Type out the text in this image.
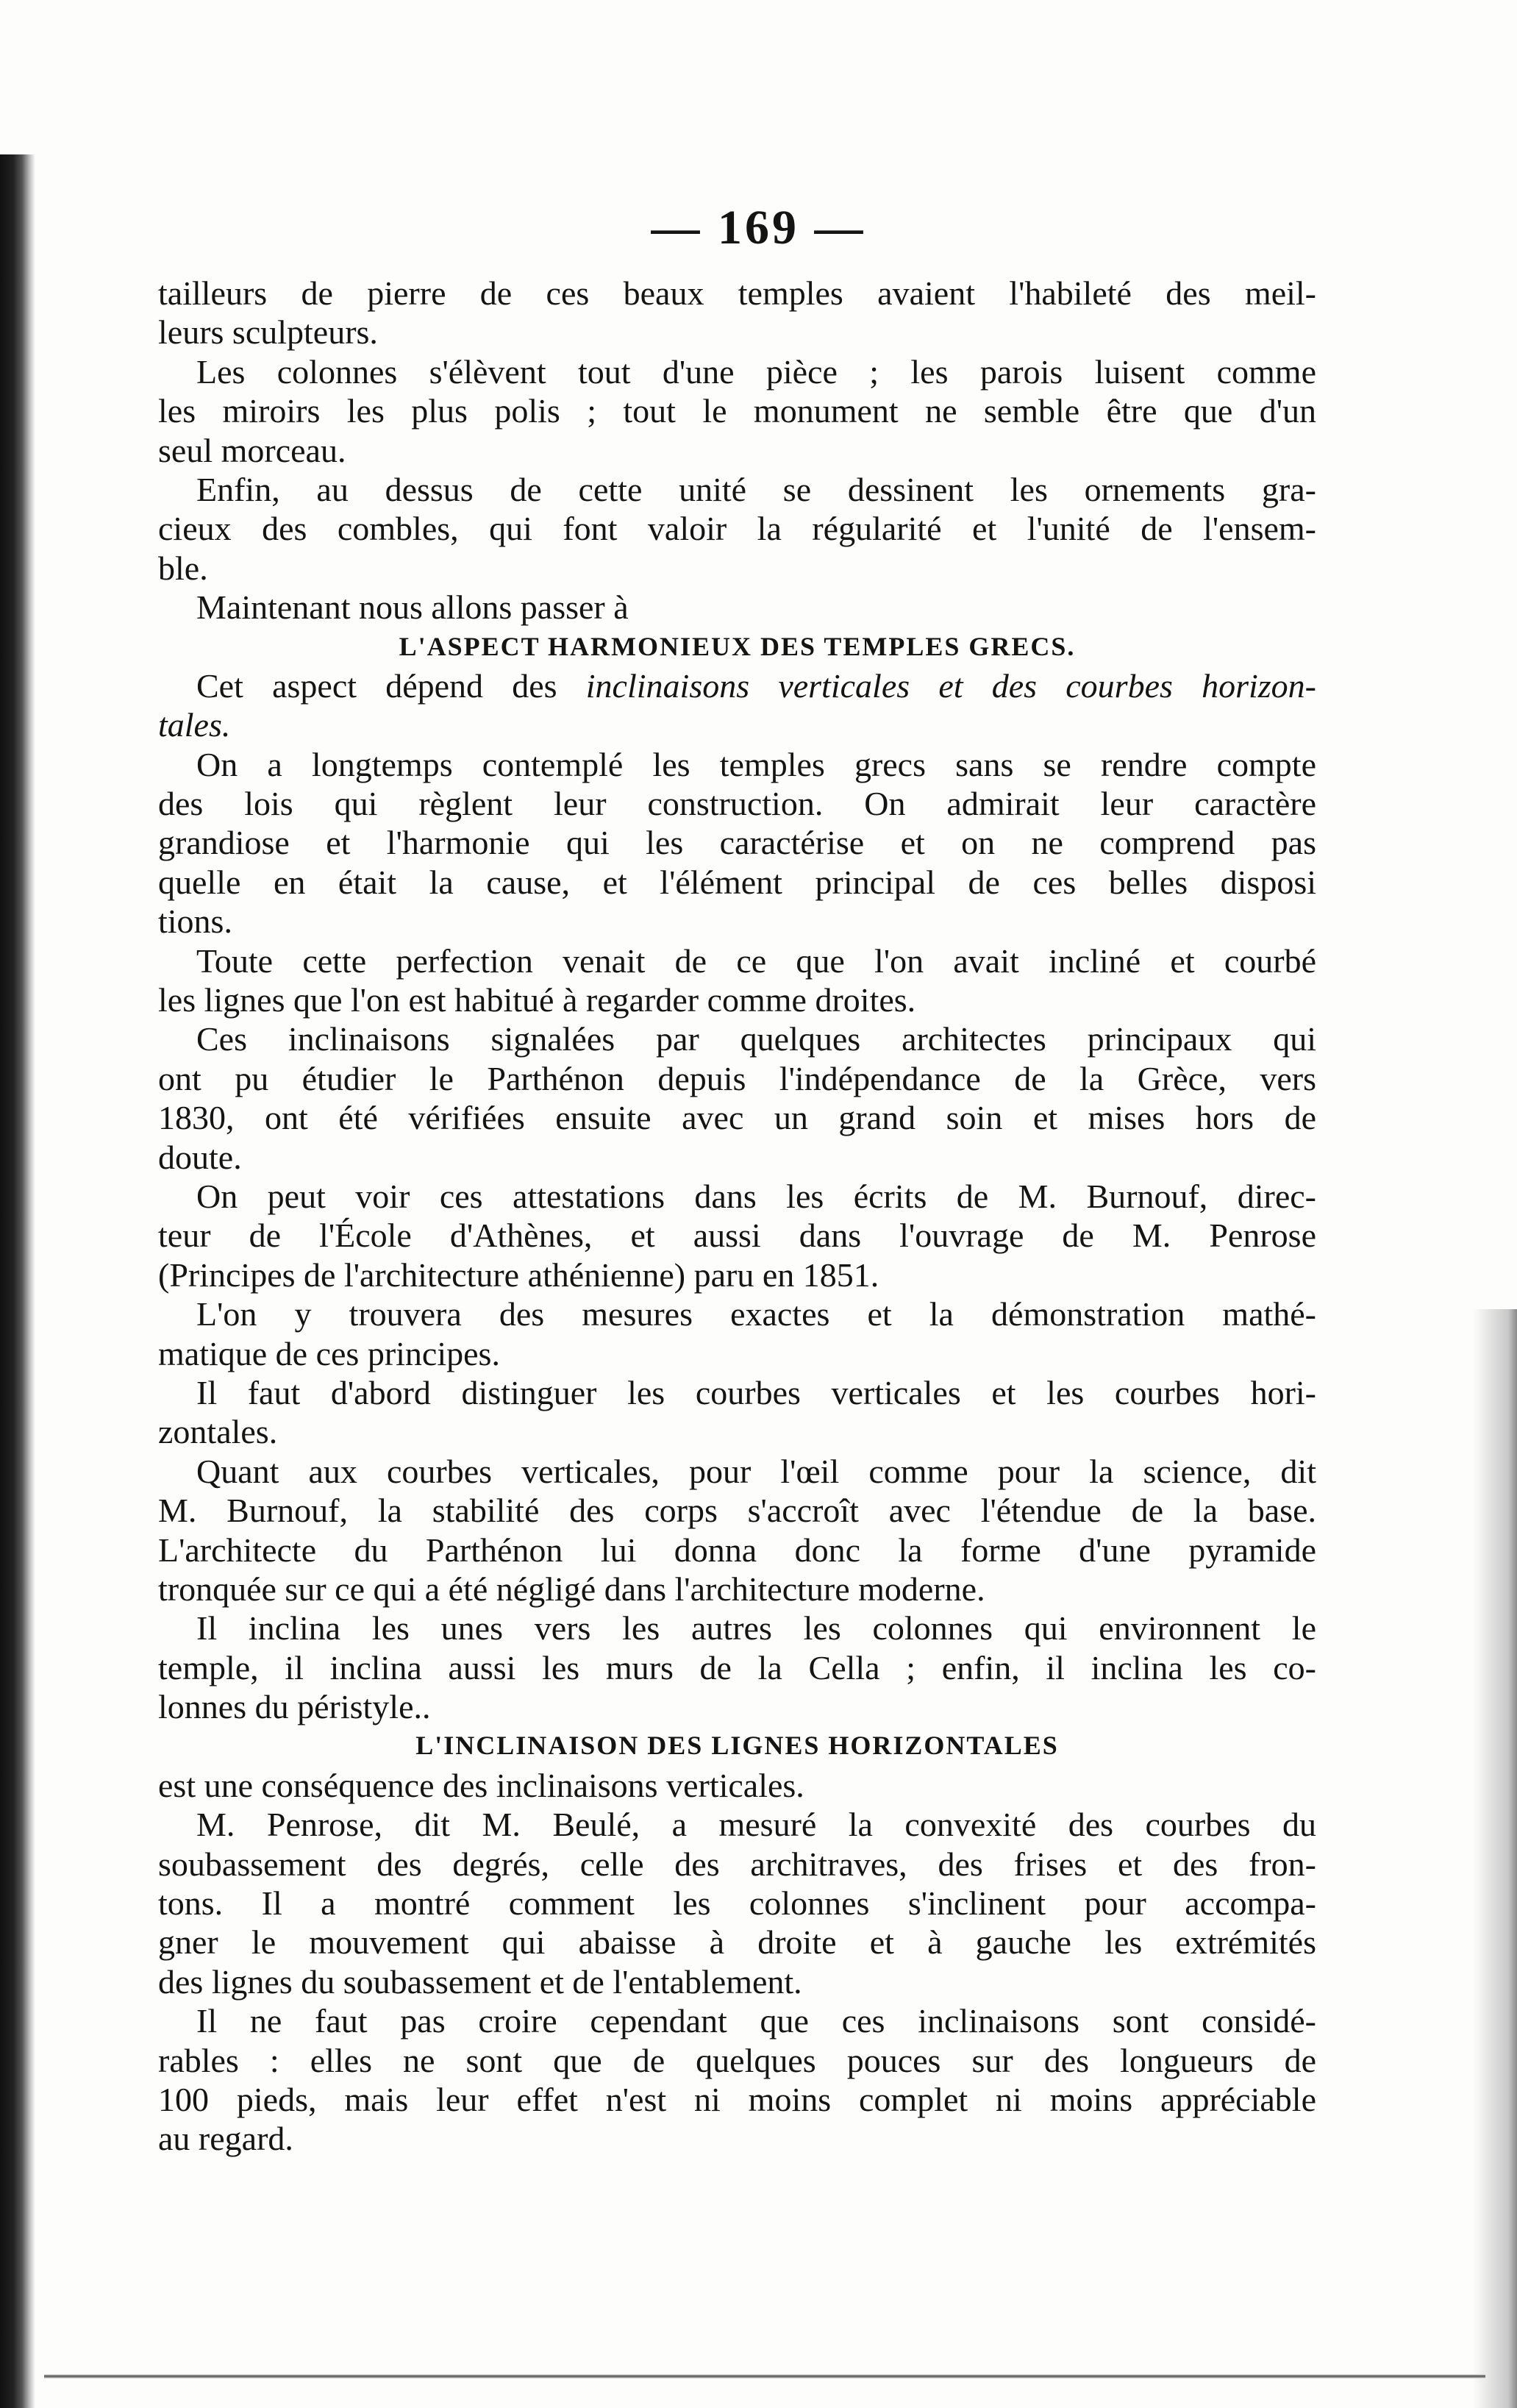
— 169 —
tailleurs de pierre de ces beaux temples avaient l'habileté des meil-
leurs sculpteurs.
Les colonnes s'élèvent tout d'une pièce ; les parois luisent comme
les miroirs les plus polis ; tout le monument ne semble être que d'un
seul morceau.
Enfin, au dessus de cette unité se dessinent les ornements gra-
cieux des combles, qui font valoir la régularité et l'unité de l'ensem-
ble.
Maintenant nous allons passer à
L'ASPECT HARMONIEUX DES TEMPLES GRECS.
Cet aspect dépend des inclinaisons verticales et des courbes horizon-
tales.
On a longtemps contemplé les temples grecs sans se rendre compte
des lois qui règlent leur construction. On admirait leur caractère
grandiose et l'harmonie qui les caractérise et on ne comprend pas
quelle en était la cause, et l'élément principal de ces belles disposi
tions.
Toute cette perfection venait de ce que l'on avait incliné et courbé
les lignes que l'on est habitué à regarder comme droites.
Ces inclinaisons signalées par quelques architectes principaux qui
ont pu étudier le Parthénon depuis l'indépendance de la Grèce, vers
1830, ont été vérifiées ensuite avec un grand soin et mises hors de
doute.
On peut voir ces attestations dans les écrits de M. Burnouf, direc-
teur de l'École d'Athènes, et aussi dans l'ouvrage de M. Penrose
(Principes de l'architecture athénienne) paru en 1851.
L'on y trouvera des mesures exactes et la démonstration mathé-
matique de ces principes.
Il faut d'abord distinguer les courbes verticales et les courbes hori-
zontales.
Quant aux courbes verticales, pour l'œil comme pour la science, dit
M. Burnouf, la stabilité des corps s'accroît avec l'étendue de la base.
L'architecte du Parthénon lui donna donc la forme d'une pyramide
tronquée sur ce qui a été négligé dans l'architecture moderne.
Il inclina les unes vers les autres les colonnes qui environnent le
temple, il inclina aussi les murs de la Cella ; enfin, il inclina les co-
lonnes du péristyle..
L'INCLINAISON DES LIGNES HORIZONTALES
est une conséquence des inclinaisons verticales.
M. Penrose, dit M. Beulé, a mesuré la convexité des courbes du
soubassement des degrés, celle des architraves, des frises et des fron-
tons. Il a montré comment les colonnes s'inclinent pour accompa-
gner le mouvement qui abaisse à droite et à gauche les extrémités
des lignes du soubassement et de l'entablement.
Il ne faut pas croire cependant que ces inclinaisons sont considé-
rables : elles ne sont que de quelques pouces sur des longueurs de
100 pieds, mais leur effet n'est ni moins complet ni moins appréciable
au regard.
